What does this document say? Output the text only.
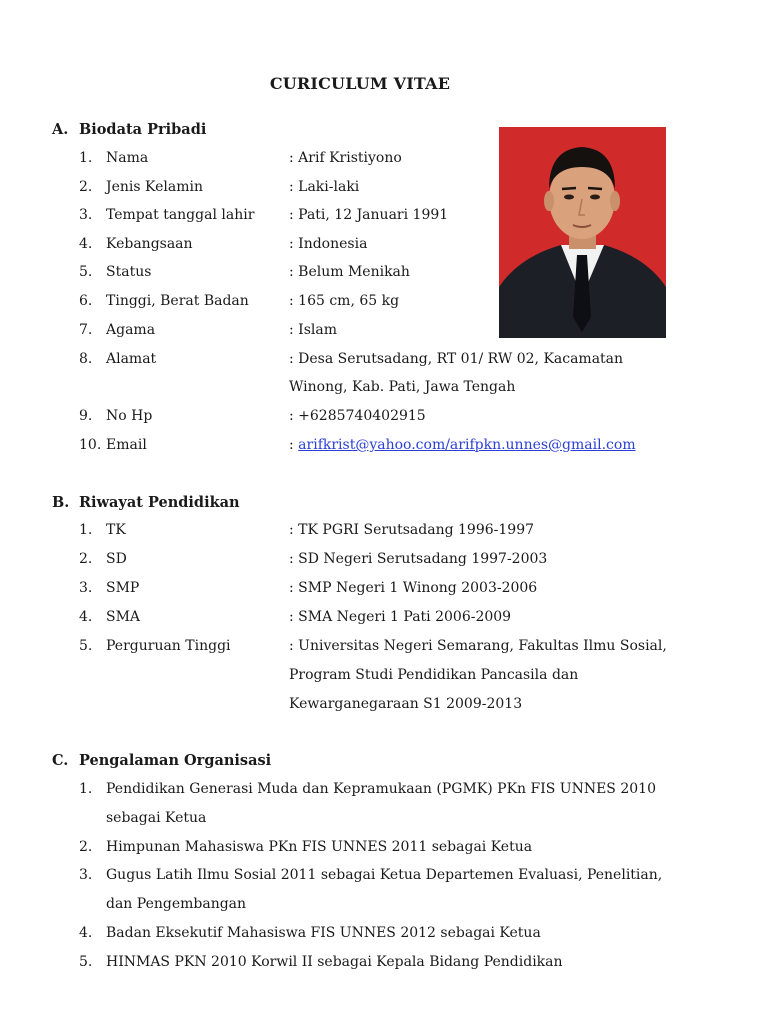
CURICULUM VITAE
A. Biodata Pribadi
1. Nama	: Arif Kristiyono
2. Jenis Kelamin	: Laki-laki
3. Tempat tanggal lahir : Pati, 12 Januari 1991
4. Kebangsaan	: Indonesia
5. Status	: Belum Menikah
6. Tinggi, Berat Badan	: 165 cm, 65 kg
7. Agama	: Islam
8. Alamat	: Desa Serutsadang, RT 01/ RW 02, Kacamatan
Winong, Kab. Pati, Jawa Tengah
9. No Hp	: +6285740402915
10. Email	: arifkrist@yahoo.com/arifpkn.unnes@gmail.com
B. Riwayat Pendidikan
1. TK	: TK PGRI Serutsadang 1996-1997
2. SD	: SD Negeri Serutsadang 1997-2003
3. SMP	: SMP Negeri 1 Winong 2003-2006
4. SMA	: SMA Negeri 1 Pati 2006-2009
5. Perguruan Tinggi	: Universitas Negeri Semarang, Fakultas Ilmu Sosial,
Program Studi Pendidikan Pancasila dan
Kewarganegaraan S1 2009-2013
C. Pengalaman Organisasi
1. Pendidikan Generasi Muda dan Kepramukaan (PGMK) PKn FIS UNNES 2010
sebagai Ketua
2. Himpunan Mahasiswa PKn FIS UNNES 2011 sebagai Ketua
3. Gugus Latih Ilmu Sosial 2011 sebagai Ketua Departemen Evaluasi, Penelitian,
dan Pengembangan
4. Badan Eksekutif Mahasiswa FIS UNNES 2012 sebagai Ketua
5. HINMAS PKN 2010 Korwil II sebagai Kepala Bidang Pendidikan
